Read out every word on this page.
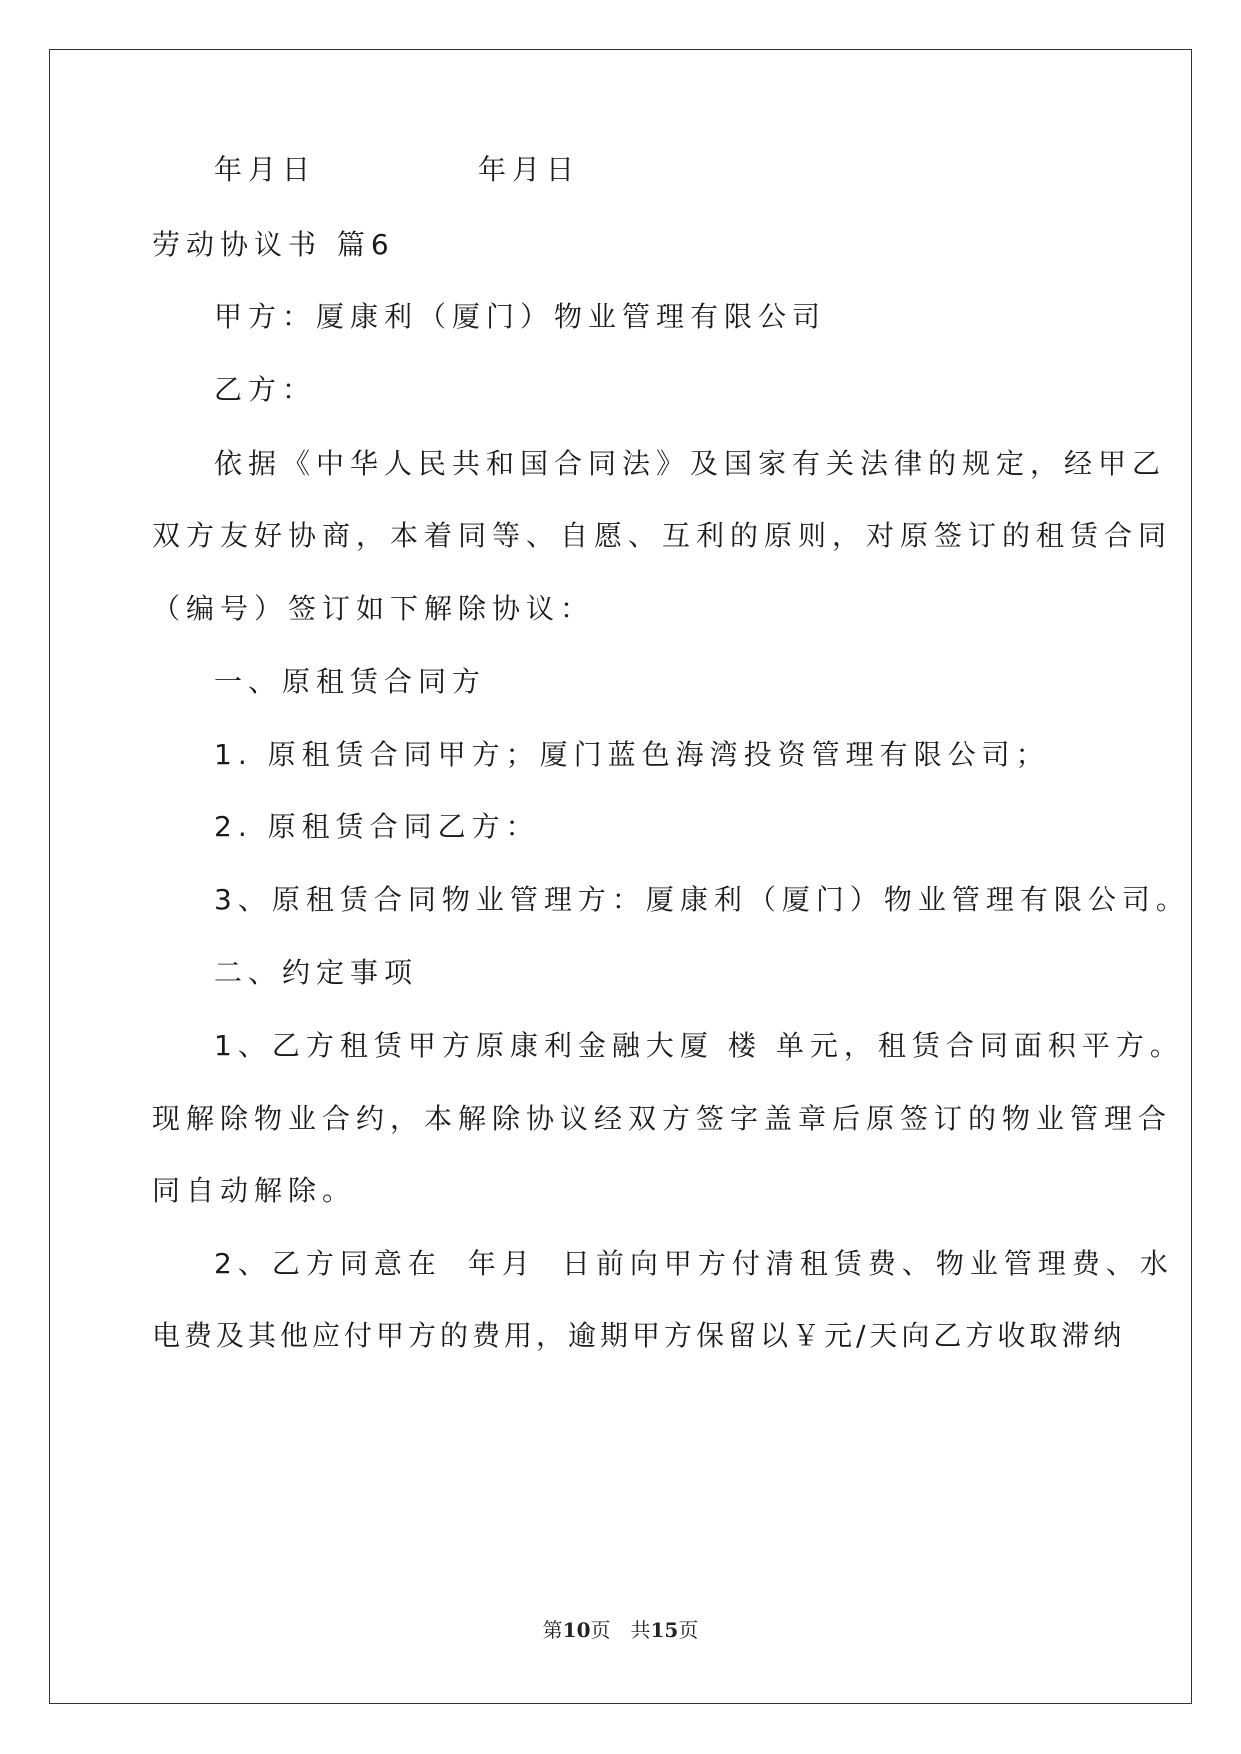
年月日	年月日
劳动协议书 篇6
甲方：厦康利（厦门）物业管理有限公司
乙方：
依据《中华人民共和国合同法》及国家有关法律的规定，经甲乙
双方友好协商，本着同等、自愿、互利的原则，对原签订的租赁合同
（编号）签订如下解除协议：
一、原租赁合同方
1. 原租赁合同甲方；厦门蓝色海湾投资管理有限公司；
2. 原租赁合同乙方：
3、原租赁合同物业管理方：厦康利（厦门）物业管理有限公司。
二、约定事项
1、乙方租赁甲方原康利金融大厦 楼 单元，租赁合同面积平方。
现解除物业合约，本解除协议经双方签字盖章后原签订的物业管理合
同自动解除。
2、乙方同意在 年月 日前向甲方付清租赁费、物业管理费、水
电费及其他应付甲方的费用，逾期甲方保留以￥元/天向乙方收取滞纳
第10页 共15页
